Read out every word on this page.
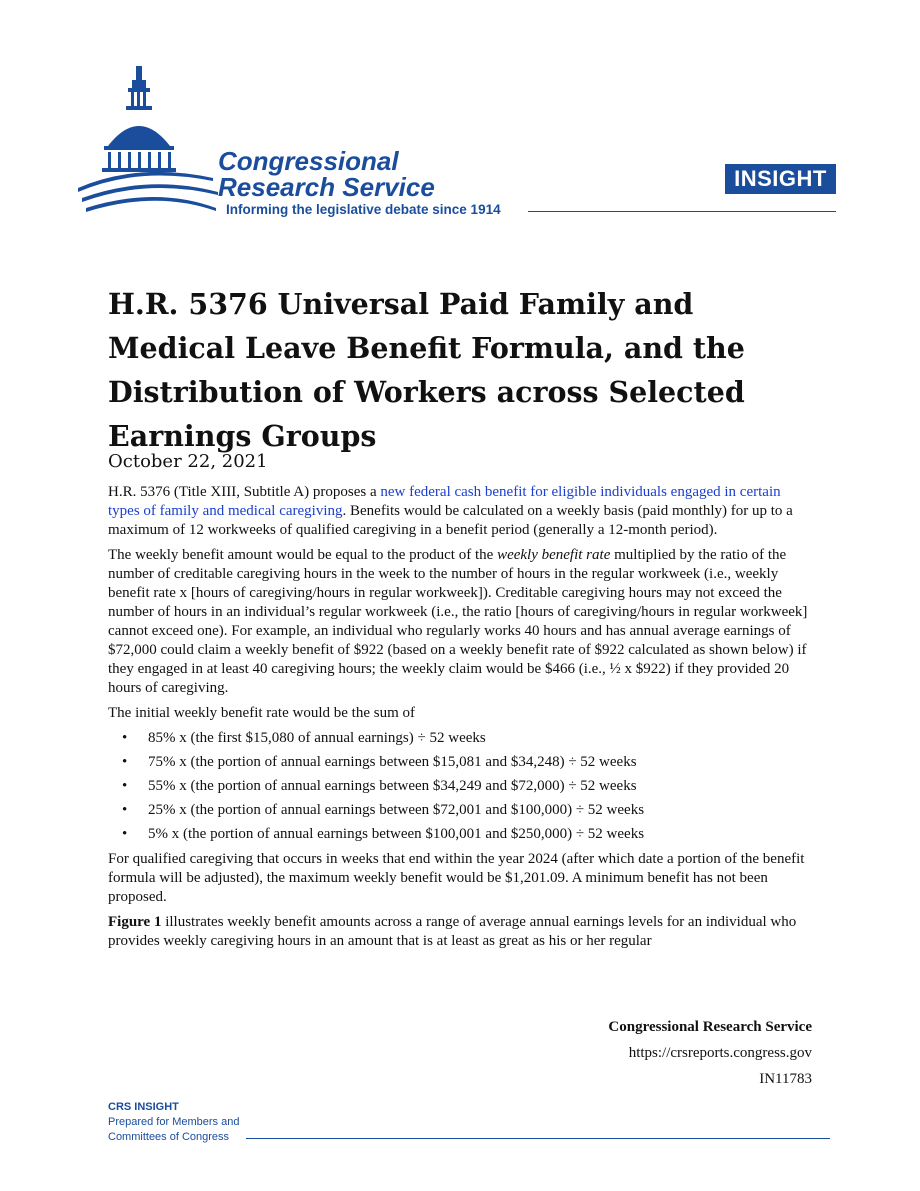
Congressional
Research Service
Informing the legislative debate since 1914
INSIGHT
H.R. 5376 Universal Paid Family and Medical Leave Benefit Formula, and the Distribution of Workers across Selected Earnings Groups
October 22, 2021

H.R. 5376 (Title XIII, Subtitle A) proposes a new federal cash benefit for eligible individuals engaged in certain types of family and medical caregiving. Benefits would be calculated on a weekly basis (paid monthly) for up to a maximum of 12 workweeks of qualified caregiving in a benefit period (generally a 12-month period).

The weekly benefit amount would be equal to the product of the weekly benefit rate multiplied by the ratio of the number of creditable caregiving hours in the week to the number of hours in the regular workweek (i.e., weekly benefit rate x [hours of caregiving/hours in regular workweek]). Creditable caregiving hours may not exceed the number of hours in an individual’s regular workweek (i.e., the ratio [hours of caregiving/hours in regular workweek] cannot exceed one). For example, an individual who regularly works 40 hours and has annual average earnings of $72,000 could claim a weekly benefit of $922 (based on a weekly benefit rate of $922 calculated as shown below) if they engaged in at least 40 caregiving hours; the weekly claim would be $466 (i.e., ½ x $922) if they provided 20 hours of caregiving.

The initial weekly benefit rate would be the sum of

• 85% x (the first $15,080 of annual earnings) ÷ 52 weeks
• 75% x (the portion of annual earnings between $15,081 and $34,248) ÷ 52 weeks
• 55% x (the portion of annual earnings between $34,249 and $72,000) ÷ 52 weeks
• 25% x (the portion of annual earnings between $72,001 and $100,000) ÷ 52 weeks
• 5% x (the portion of annual earnings between $100,001 and $250,000) ÷ 52 weeks

For qualified caregiving that occurs in weeks that end within the year 2024 (after which date a portion of the benefit formula will be adjusted), the maximum weekly benefit would be $1,201.09. A minimum benefit has not been proposed.

Figure 1 illustrates weekly benefit amounts across a range of average annual earnings levels for an individual who provides weekly caregiving hours in an amount that is at least as great as his or her regular

Congressional Research Service
https://crsreports.congress.gov
IN11783
CRS INSIGHT
Prepared for Members and
Committees of Congress
